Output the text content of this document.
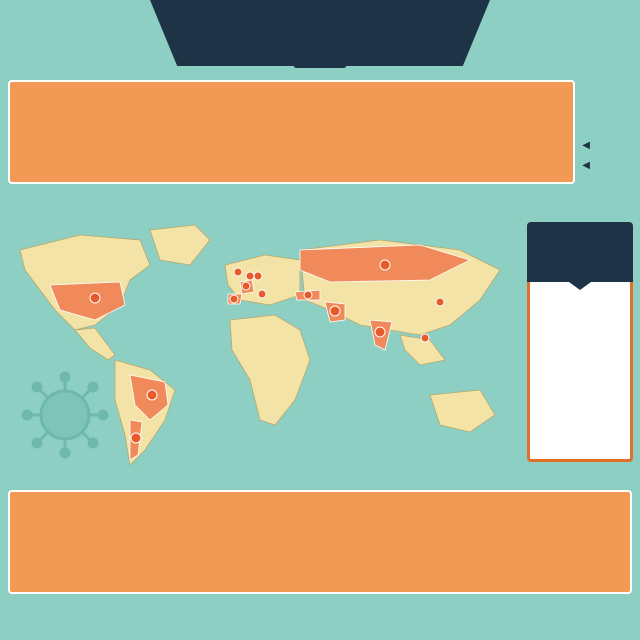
◀
◀
